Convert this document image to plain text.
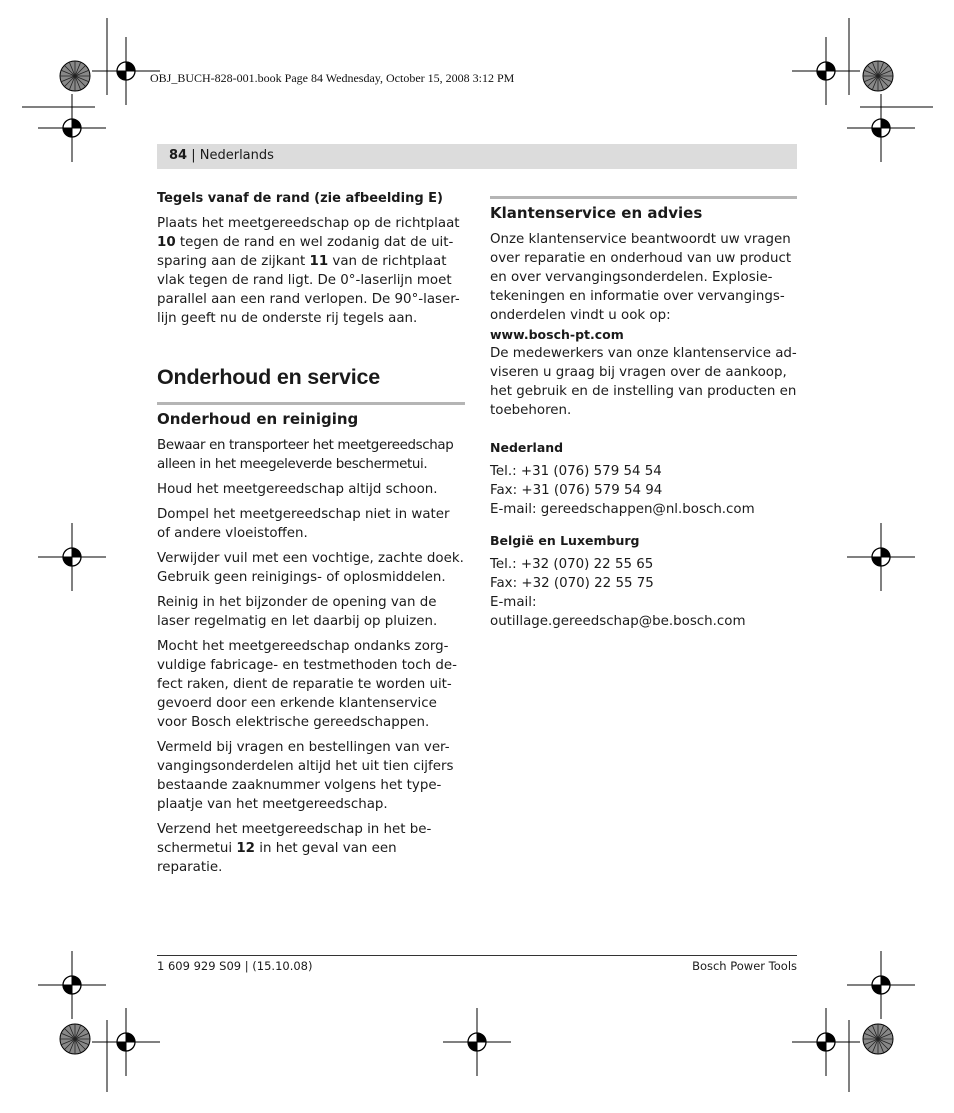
OBJ_BUCH-828-001.book Page 84 Wednesday, October 15, 2008 3:12 PM
84 | Nederlands
Tegels vanaf de rand (zie afbeelding E)
Plaats het meetgereedschap op de richtplaat 10 tegen de rand en wel zodanig dat de uit-sparing aan de zijkant 11 van de richtplaat vlak tegen de rand ligt. De 0°-laserlijn moet parallel aan een rand verlopen. De 90°-laser-lijn geeft nu de onderste rij tegels aan.
Onderhoud en service
Onderhoud en reiniging
Bewaar en transporteer het meetgereedschap alleen in het meegeleverde beschermetui.
Houd het meetgereedschap altijd schoon.
Dompel het meetgereedschap niet in water of andere vloeistoffen.
Verwijder vuil met een vochtige, zachte doek. Gebruik geen reinigings- of oplosmiddelen.
Reinig in het bijzonder de opening van de laser regelmatig en let daarbij op pluizen.
Mocht het meetgereedschap ondanks zorg-vuldige fabricage- en testmethoden toch de-fect raken, dient de reparatie te worden uit-gevoerd door een erkende klantenservice voor Bosch elektrische gereedschappen.
Vermeld bij vragen en bestellingen van ver-vangingsonderdelen altijd het uit tien cijfers bestaande zaaknummer volgens het type-plaatje van het meetgereedschap.
Verzend het meetgereedschap in het be-schermetui 12 in het geval van een reparatie.
Klantenservice en advies
Onze klantenservice beantwoordt uw vragen over reparatie en onderhoud van uw product en over vervangingsonderdelen. Explosie-tekeningen en informatie over vervangings-onderdelen vindt u ook op:
www.bosch-pt.com
De medewerkers van onze klantenservice ad-viseren u graag bij vragen over de aankoop, het gebruik en de instelling van producten en toebehoren.
Nederland
Tel.: +31 (076) 579 54 54
Fax: +31 (076) 579 54 94
E-mail: gereedschappen@nl.bosch.com
België en Luxemburg
Tel.: +32 (070) 22 55 65
Fax: +32 (070) 22 55 75
E-mail:
outillage.gereedschap@be.bosch.com
1 609 929 S09 | (15.10.08)	Bosch Power Tools
